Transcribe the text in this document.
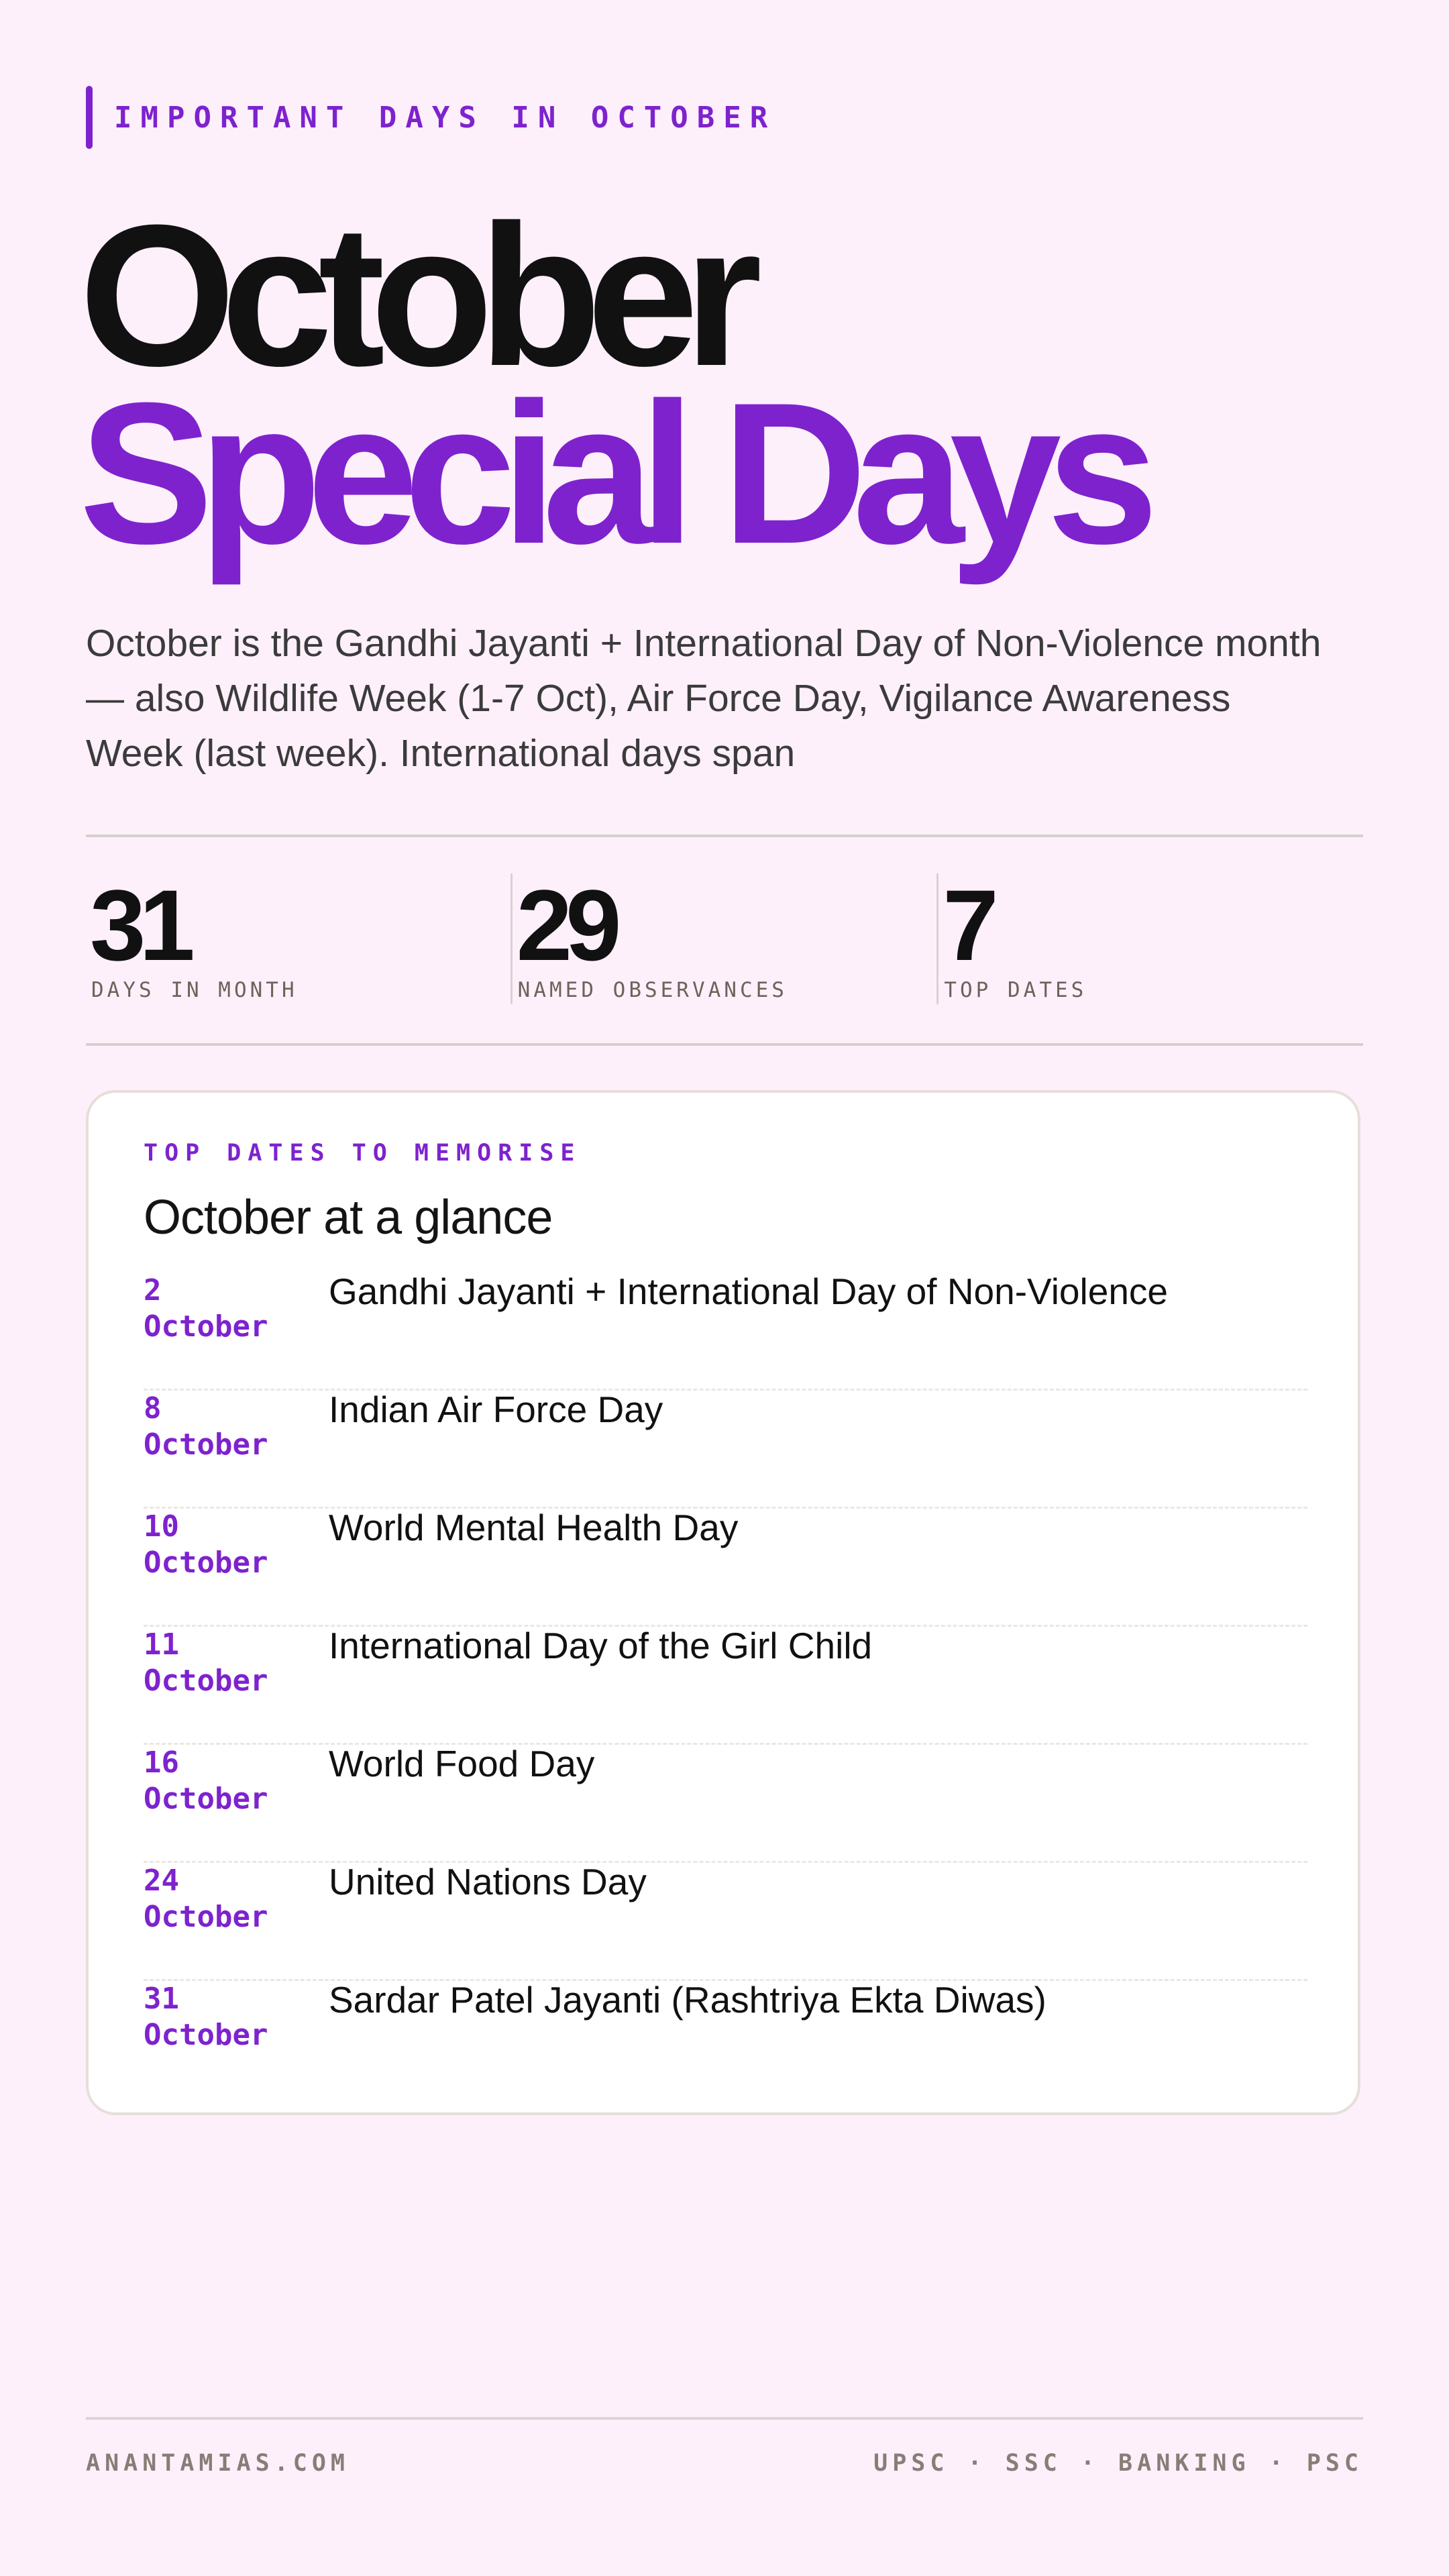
IMPORTANT DAYS IN OCTOBER
October
Special Days
October is the Gandhi Jayanti + International Day of Non-Violence month — also Wildlife Week (1-7 Oct), Air Force Day, Vigilance Awareness Week (last week). International days span
31
DAYS IN MONTH
29
NAMED OBSERVANCES
7
TOP DATES
TOP DATES TO MEMORISE
October at a glance
2
October
Gandhi Jayanti + International Day of Non-Violence
8
October
Indian Air Force Day
10
October
World Mental Health Day
11
October
International Day of the Girl Child
16
October
World Food Day
24
October
United Nations Day
31
October
Sardar Patel Jayanti (Rashtriya Ekta Diwas)
ANANTAMIAS.COM	UPSC · SSC · BANKING · PSC
